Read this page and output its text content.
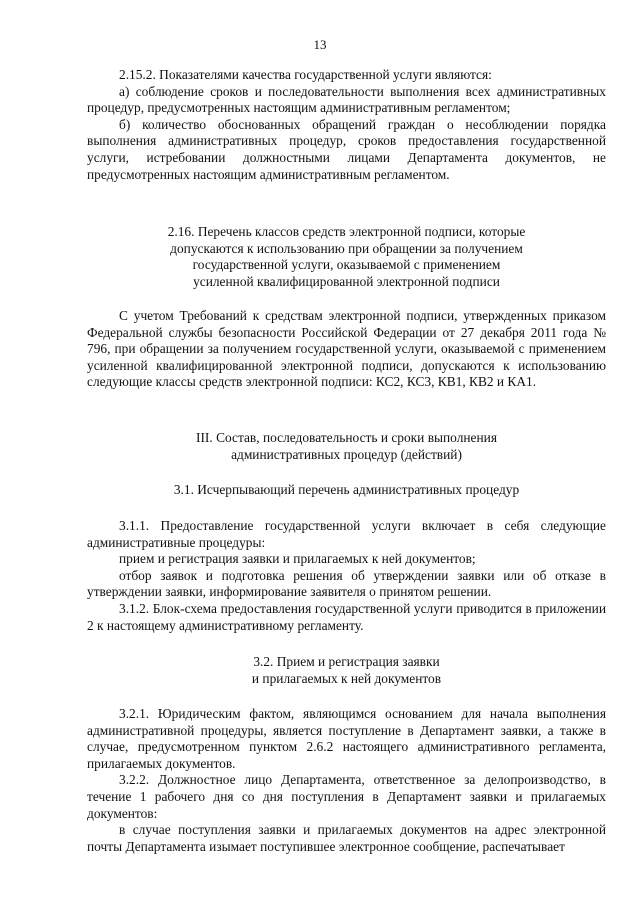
13

2.15.2. Показателями качества государственной услуги являются:

а) соблюдение сроков и последовательности выполнения всех административных процедур, предусмотренных настоящим административным регламентом;

б) количество обоснованных обращений граждан о несоблюдении порядка выполнения административных процедур, сроков предоставления государственной услуги, истребовании должностными лицами Департамента документов, не предусмотренных настоящим административным регламентом.

2.16. Перечень классов средств электронной подписи, которые

допускаются к использованию при обращении за получением

государственной услуги, оказываемой с применением

усиленной квалифицированной электронной подписи

С учетом Требований к средствам электронной подписи, утвержденных приказом Федеральной службы безопасности Российской Федерации от 27 декабря 2011 года № 796, при обращении за получением государственной услуги, оказываемой с применением усиленной квалифицированной электронной подписи, допускаются к использованию следующие классы средств электронной подписи: КС2, КС3, КВ1, КВ2 и КА1.

III. Состав, последовательность и сроки выполнения

административных процедур (действий)

3.1. Исчерпывающий перечень административных процедур

3.1.1. Предоставление государственной услуги включает в себя следующие административные процедуры:

прием и регистрация заявки и прилагаемых к ней документов;

отбор заявок и подготовка решения об утверждении заявки или об отказе в утверждении заявки, информирование заявителя о принятом решении.

3.1.2. Блок-схема предоставления государственной услуги приводится в приложении 2 к настоящему административному регламенту.

3.2. Прием и регистрация заявки

и прилагаемых к ней документов

3.2.1. Юридическим фактом, являющимся основанием для начала выполнения административной процедуры, является поступление в Департамент заявки, а также в случае, предусмотренном пунктом 2.6.2 настоящего административного регламента, прилагаемых документов.

3.2.2. Должностное лицо Департамента, ответственное за делопроизводство, в течение 1 рабочего дня со дня поступления в Департамент заявки и прилагаемых документов:

в случае поступления заявки и прилагаемых документов на адрес электронной почты Департамента изымает поступившее электронное сообщение, распечатывает
